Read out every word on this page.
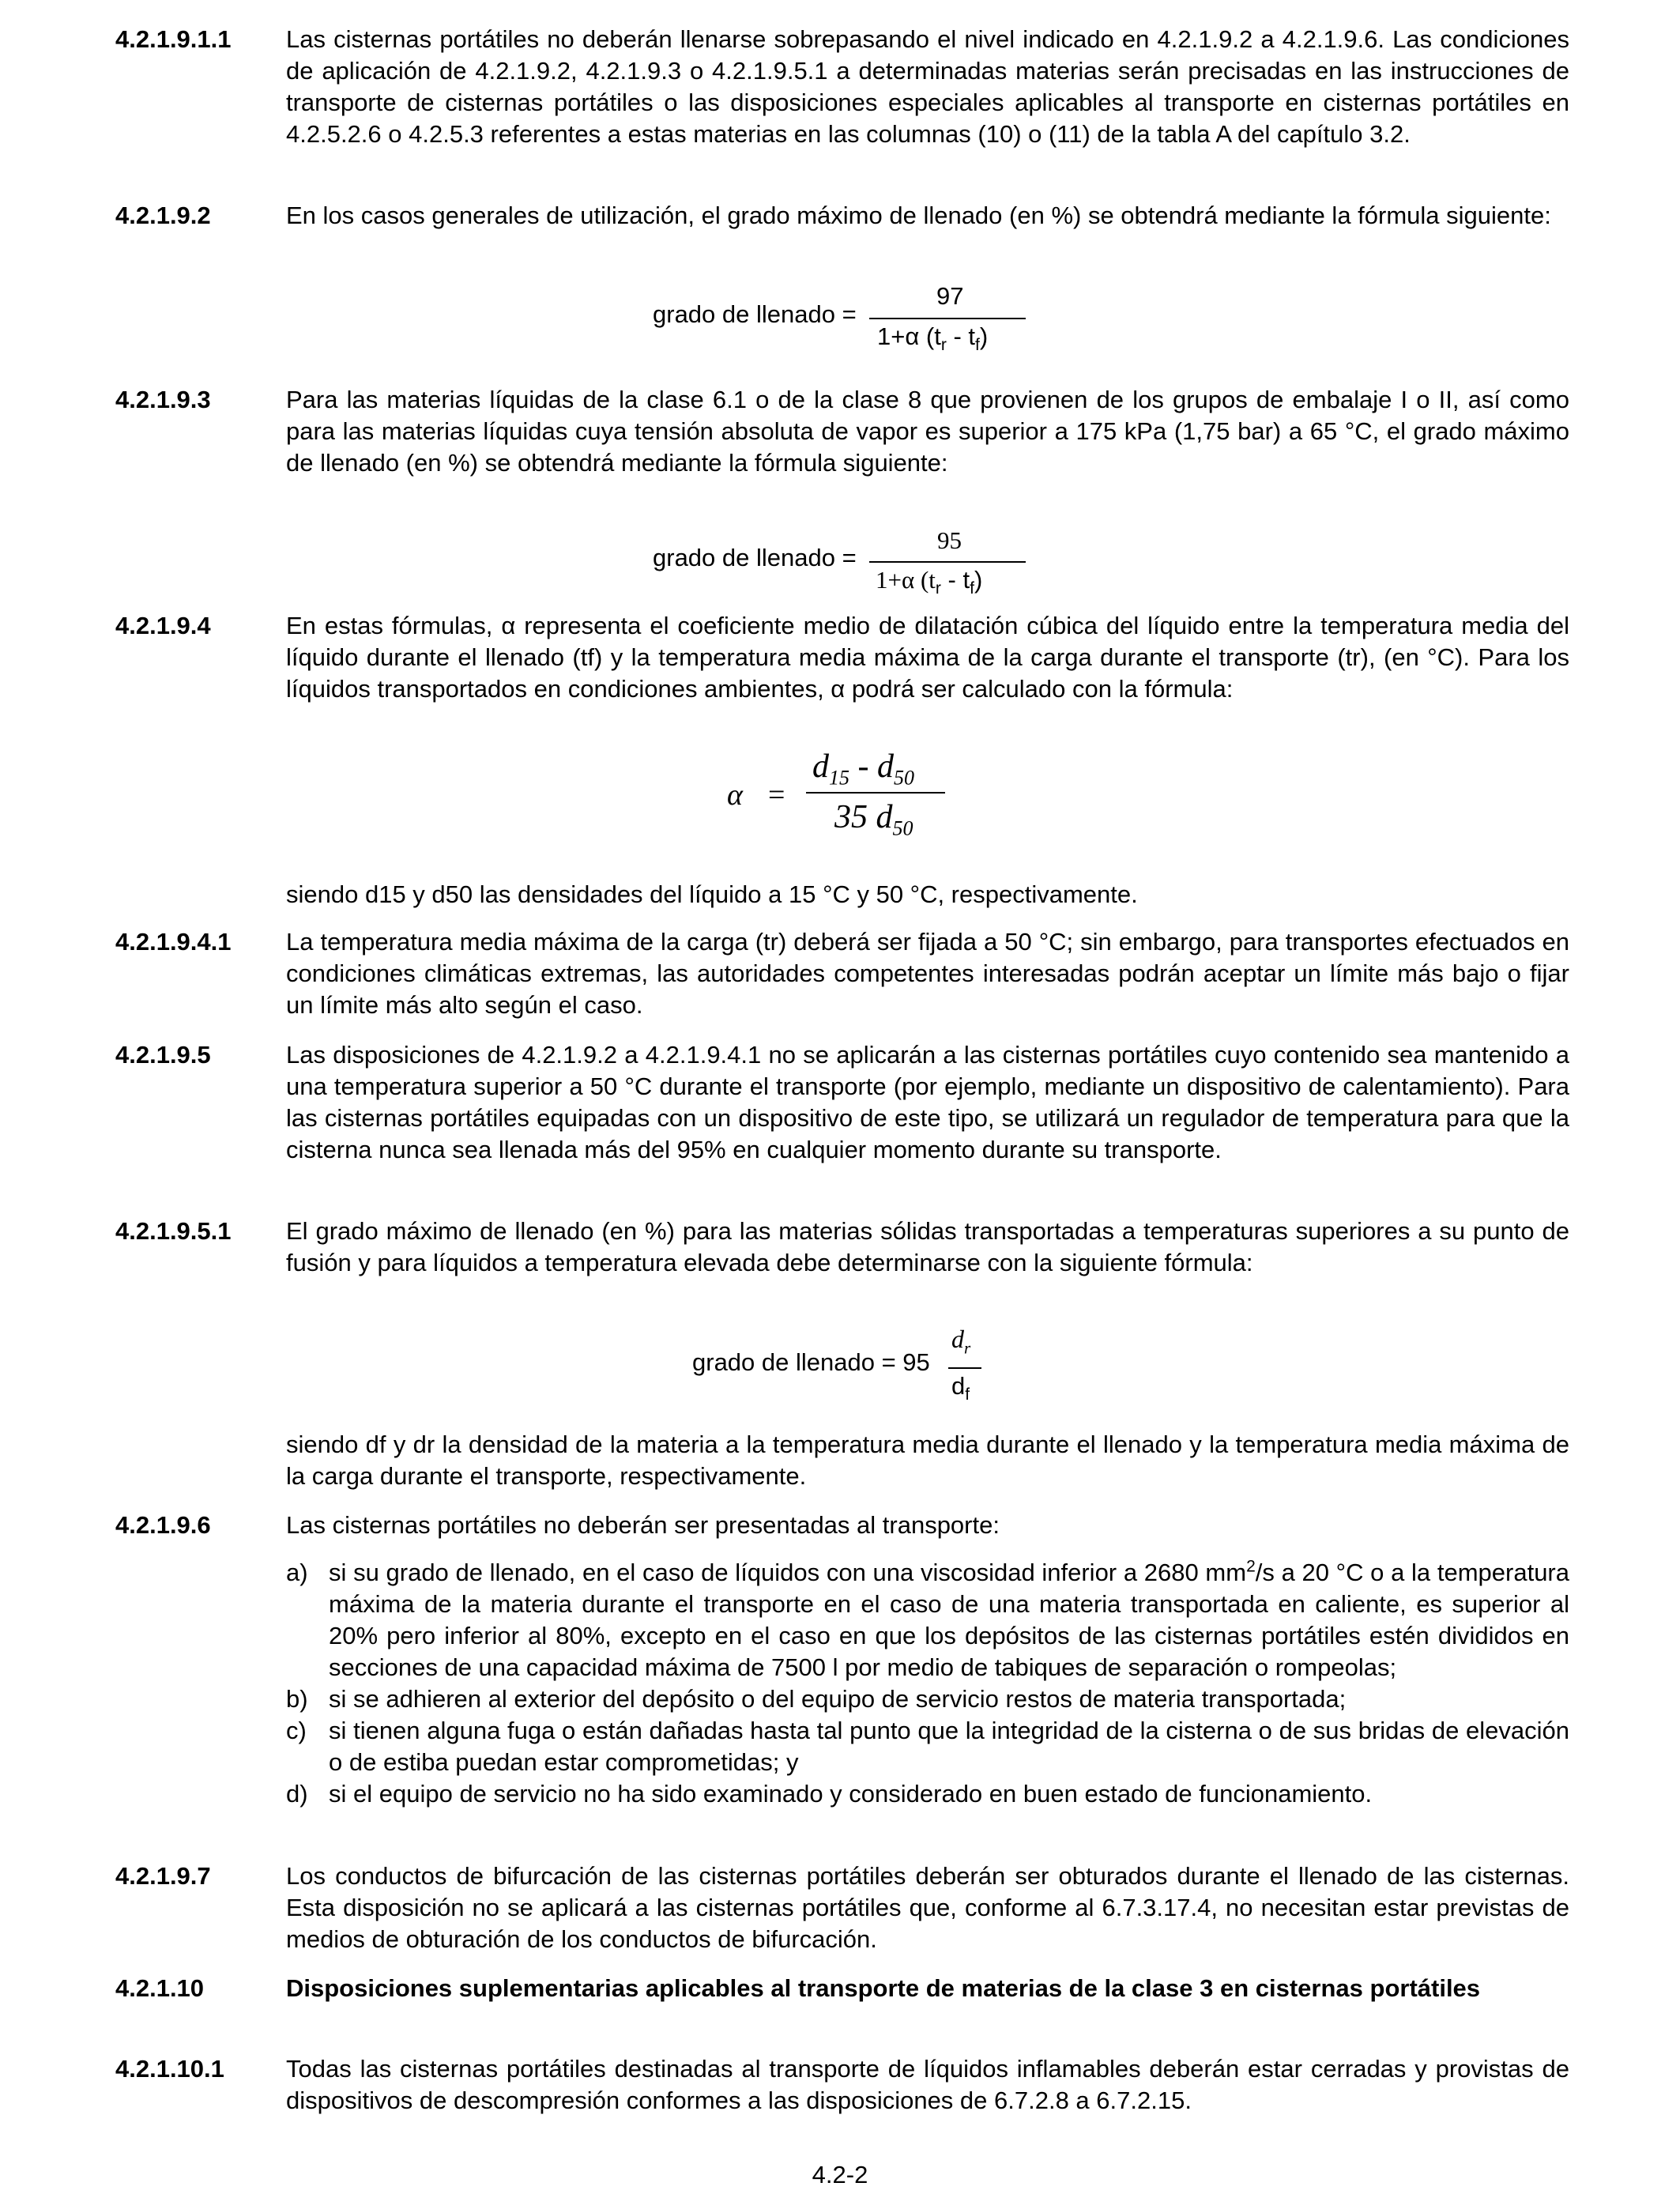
4.2.1.9.1.1 Las cisternas portátiles no deberán llenarse sobrepasando el nivel indicado en 4.2.1.9.2 a 4.2.1.9.6. Las condiciones de aplicación de 4.2.1.9.2, 4.2.1.9.3 o 4.2.1.9.5.1 a determinadas materias serán precisadas en las instrucciones de transporte de cisternas portátiles o las disposiciones especiales aplicables al transporte en cisternas portátiles en 4.2.5.2.6 o 4.2.5.3 referentes a estas materias en las columnas (10) o (11) de la tabla A del capítulo 3.2.
4.2.1.9.2	En los casos generales de utilización, el grado máximo de llenado (en %) se obtendrá mediante la fórmula siguiente:
grado de llenado =
97
1+α $(t_r - t_f)$
4.2.1.9.3	Para las materias líquidas de la clase 6.1 o de la clase 8 que provienen de los grupos de embalaje I o II, así como para las materias líquidas cuya tensión absoluta de vapor es superior a 175 kPa (1,75 bar) a 65 °C, el grado máximo de llenado (en %) se obtendrá mediante la fórmula siguiente:
grado de llenado =
95
1+α $(t_r - t_f)$
4.2.1.9.4	En estas fórmulas, α representa el coeficiente medio de dilatación cúbica del líquido entre la temperatura media del líquido durante el llenado (tf) y la temperatura media máxima de la carga durante el transporte (tr), (en °C). Para los líquidos transportados en condiciones ambientes, α podrá ser calculado con la fórmula:
α =
$d_{15} - d_{50}$
35 $d_{50}$
siendo d15 y d50 las densidades del líquido a 15 °C y 50 °C, respectivamente.
4.2.1.9.4.1 La temperatura media máxima de la carga (tr) deberá ser fijada a 50 °C; sin embargo, para transportes efectuados en condiciones climáticas extremas, las autoridades competentes interesadas podrán aceptar un límite más bajo o fijar un límite más alto según el caso.
4.2.1.9.5	Las disposiciones de 4.2.1.9.2 a 4.2.1.9.4.1 no se aplicarán a las cisternas portátiles cuyo contenido sea mantenido a una temperatura superior a 50 °C durante el transporte (por ejemplo, mediante un dispositivo de calentamiento). Para las cisternas portátiles equipadas con un dispositivo de este tipo, se utilizará un regulador de temperatura para que la cisterna nunca sea llenada más del 95% en cualquier momento durante su transporte.
4.2.1.9.5.1 El grado máximo de llenado (en %) para las materias sólidas transportadas a temperaturas superiores a su punto de fusión y para líquidos a temperatura elevada debe determinarse con la siguiente fórmula:
grado de llenado = 95
$d_r$
$d_f$
siendo df y dr la densidad de la materia a la temperatura media durante el llenado y la temperatura media máxima de la carga durante el transporte, respectivamente.
4.2.1.9.6	Las cisternas portátiles no deberán ser presentadas al transporte:
a) si su grado de llenado, en el caso de líquidos con una viscosidad inferior a 2680 $mm^2/s$ a 20 °C o a la temperatura máxima de la materia durante el transporte en el caso de una materia transportada en caliente, es superior al 20% pero inferior al 80%, excepto en el caso en que los depósitos de las cisternas portátiles estén divididos en secciones de una capacidad máxima de 7500 l por medio de tabiques de separación o rompeolas;
b) si se adhieren al exterior del depósito o del equipo de servicio restos de materia transportada;
c) si tienen alguna fuga o están dañadas hasta tal punto que la integridad de la cisterna o de sus bridas de elevación o de estiba puedan estar comprometidas; y
d) si el equipo de servicio no ha sido examinado y considerado en buen estado de funcionamiento.
4.2.1.9.7	Los conductos de bifurcación de las cisternas portátiles deberán ser obturados durante el llenado de las cisternas. Esta disposición no se aplicará a las cisternas portátiles que, conforme al 6.7.3.17.4, no necesitan estar previstas de medios de obturación de los conductos de bifurcación.
4.2.1.10	Disposiciones suplementarias aplicables al transporte de materias de la clase 3 en cisternas portátiles
4.2.1.10.1	Todas las cisternas portátiles destinadas al transporte de líquidos inflamables deberán estar cerradas y provistas de dispositivos de descompresión conformes a las disposiciones de 6.7.2.8 a 6.7.2.15.
4.2-2
